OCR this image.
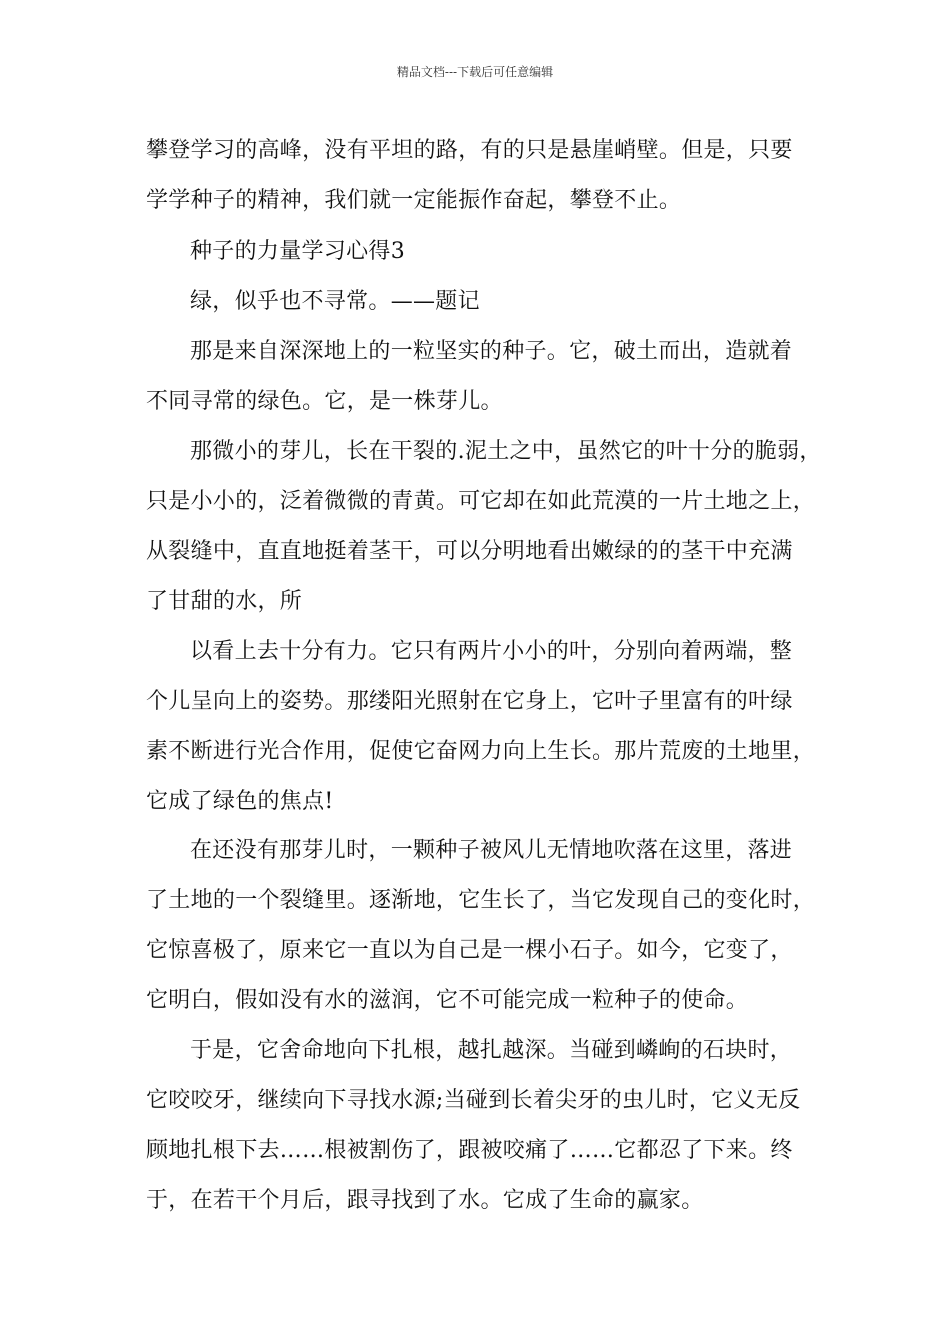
精品文档---下载后可任意编辑
攀登学习的高峰，没有平坦的路，有的只是悬崖峭壁。但是，只要
学学种子的精神，我们就一定能振作奋起，攀登不止。
种子的力量学习心得3
绿，似乎也不寻常。——题记
那是来自深深地上的一粒坚实的种子。它，破土而出，造就着
不同寻常的绿色。它，是一株芽儿。
那微小的芽儿，长在干裂的.泥土之中，虽然它的叶十分的脆弱，
只是小小的，泛着微微的青黄。可它却在如此荒漠的一片土地之上，
从裂缝中，直直地挺着茎干，可以分明地看出嫩绿的的茎干中充满
了甘甜的水，所
以看上去十分有力。它只有两片小小的叶，分别向着两端，整
个儿呈向上的姿势。那缕阳光照射在它身上，它叶子里富有的叶绿
素不断进行光合作用，促使它奋网力向上生长。那片荒废的土地里，
它成了绿色的焦点!
在还没有那芽儿时，一颗种子被风儿无情地吹落在这里，落进
了土地的一个裂缝里。逐渐地，它生长了，当它发现自己的变化时，
它惊喜极了，原来它一直以为自己是一棵小石子。如今，它变了，
它明白，假如没有水的滋润，它不可能完成一粒种子的使命。
于是，它舍命地向下扎根，越扎越深。当碰到嶙峋的石块时，
它咬咬牙，继续向下寻找水源;当碰到长着尖牙的虫儿时，它义无反
顾地扎根下去……根被割伤了，跟被咬痛了……它都忍了下来。终
于，在若干个月后，跟寻找到了水。它成了生命的赢家。
